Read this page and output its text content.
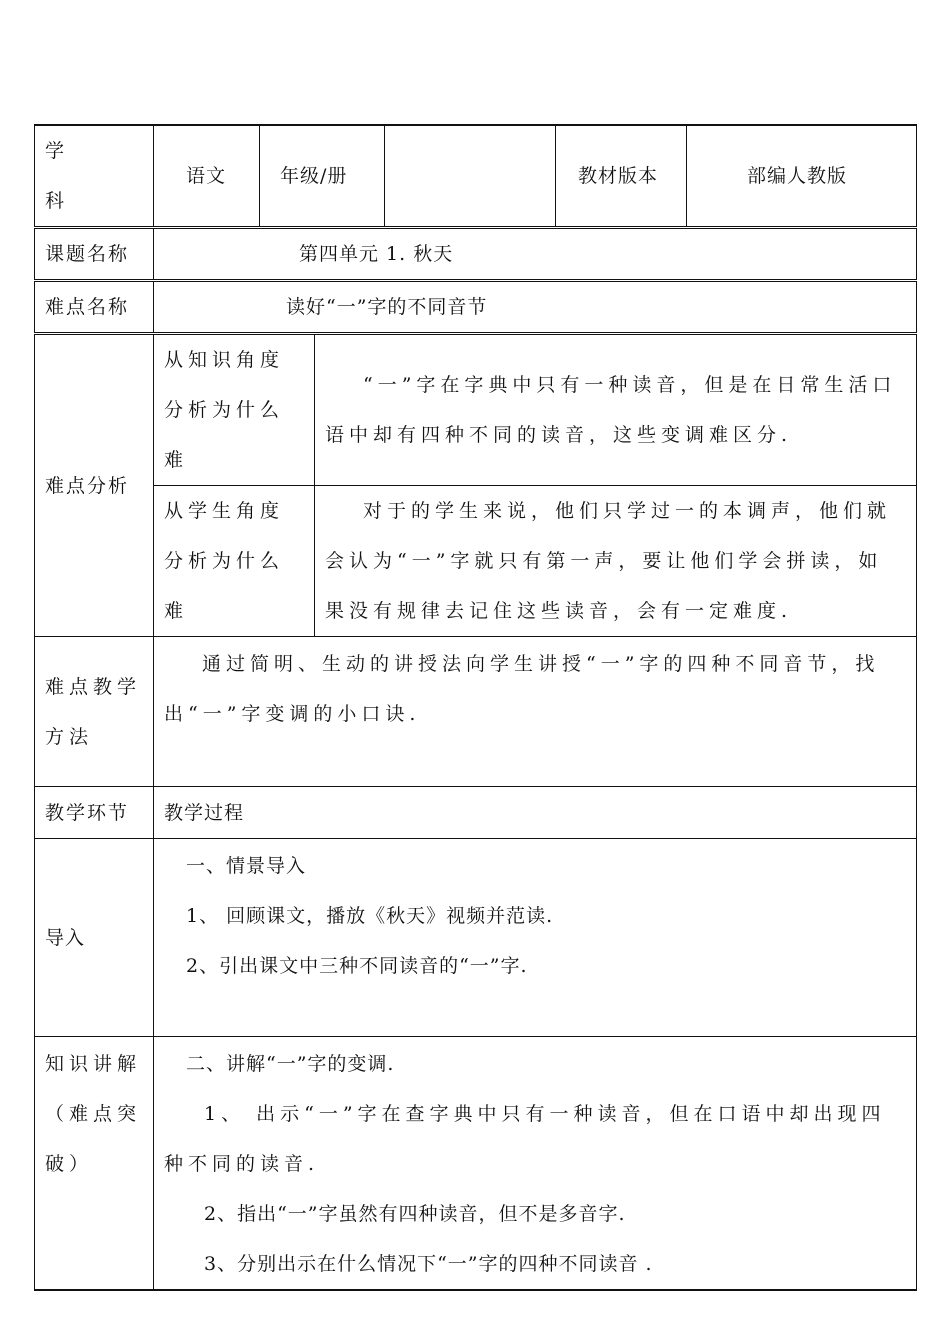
学　科	语文	年级/册			教材版本	部编人教版
课题名称	第四单元 1. 秋天					
难点名称	读好“一”字的不同音节					
难点分析	从知识角度分析为什么难		“一”字在字典中只有一种读音，但是在日常生活口语中却有四种不同的读音，这些变调难区分.			
	从学生角度分析为什么难		对于的学生来说，他们只学过一的本调声，他们就会认为“一”字就只有第一声，要让他们学会拼读，如果没有规律去记住这些读音，会有一定难度.			
难点教学方法	通过简明、生动的讲授法向学生讲授“一”字的四种不同音节，找出“一”字变调的小口诀.					
教学环节	教学过程					
导入	一、情景导入

1、 回顾课文，播放《秋天》视频并范读.

2、引出课文中三种不同读音的“一”字.					

知识讲解（难点突破）	二、讲解“一”字的变调.

1、 出示“一”字在查字典中只有一种读音，但在口语中却出现四种不同的读音.

2、指出“一”字虽然有四种读音，但不是多音字.

3、分别出示在什么情况下“一”字的四种不同读音 .					
